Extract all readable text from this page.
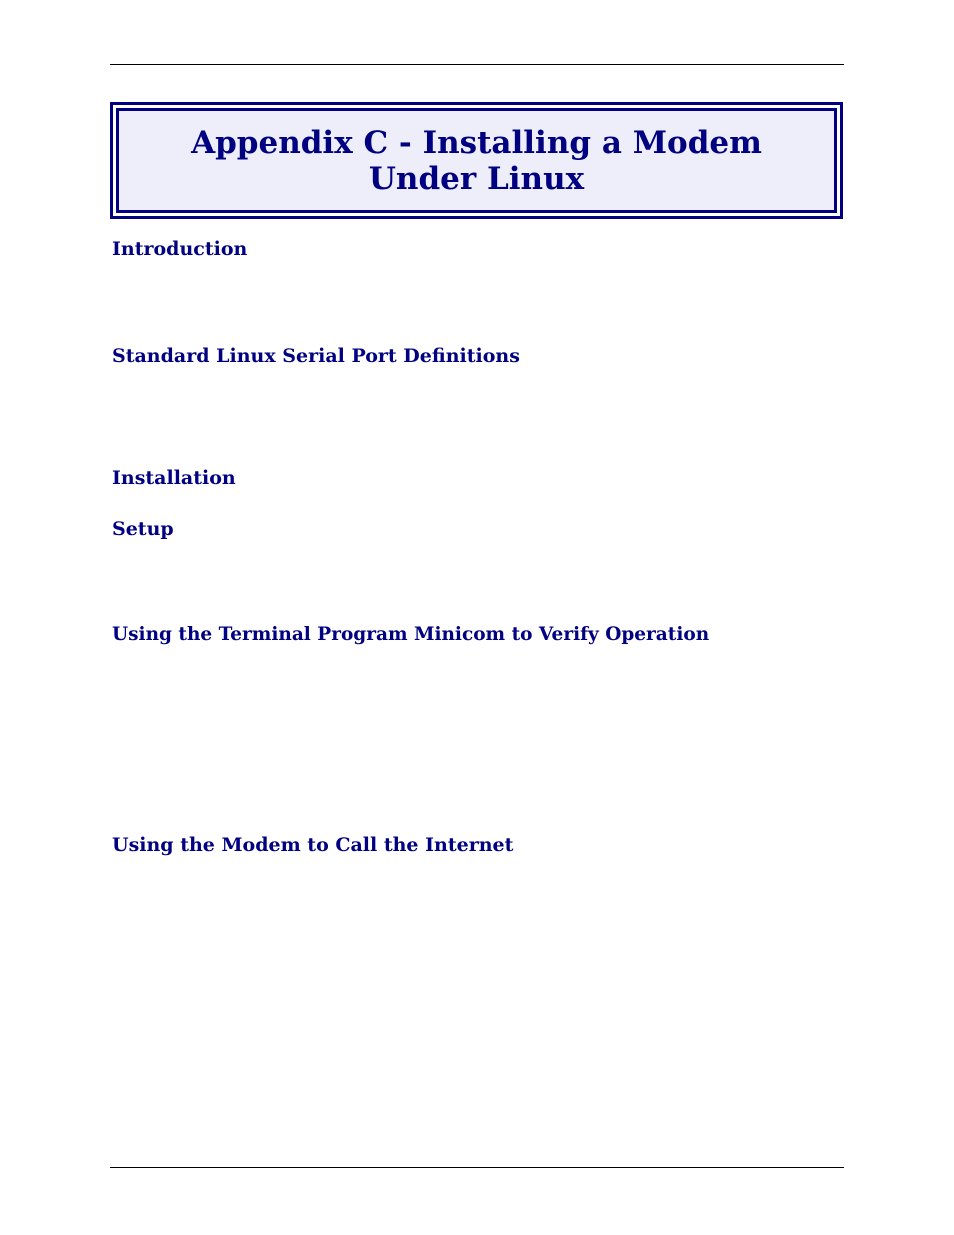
Appendix C - Installing a Modem Under Linux
Introduction
Standard Linux Serial Port Definitions
Installation
Setup
Using the Terminal Program Minicom to Verify Operation
Using the Modem to Call the Internet
